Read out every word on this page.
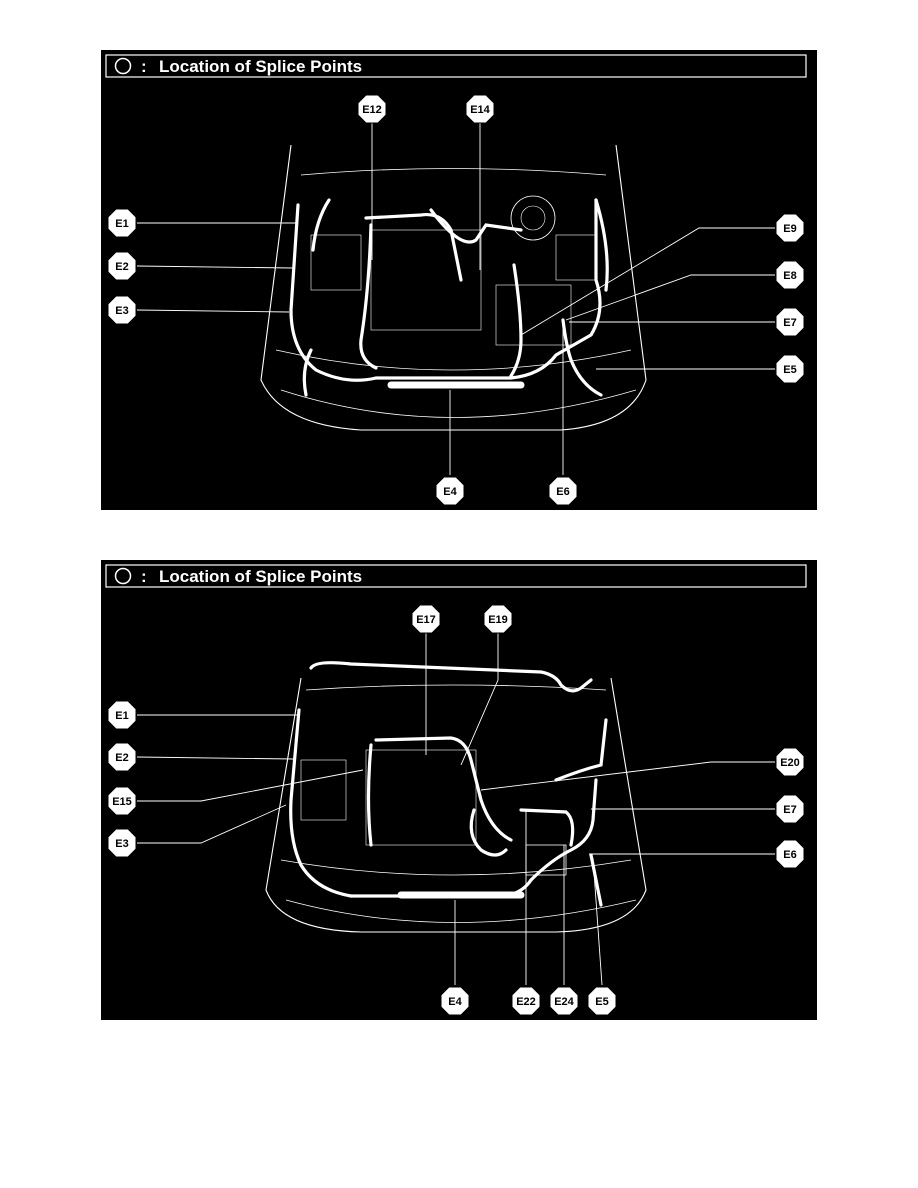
: Location of Splice Points
E12	E14
E1
E2
E3
E9
E8
E7
E5
E4	E6
: Location of Splice Points
E17	E19
E1
E2
E15
E3
E20
E7
E6
E4	E22 E24 E5
